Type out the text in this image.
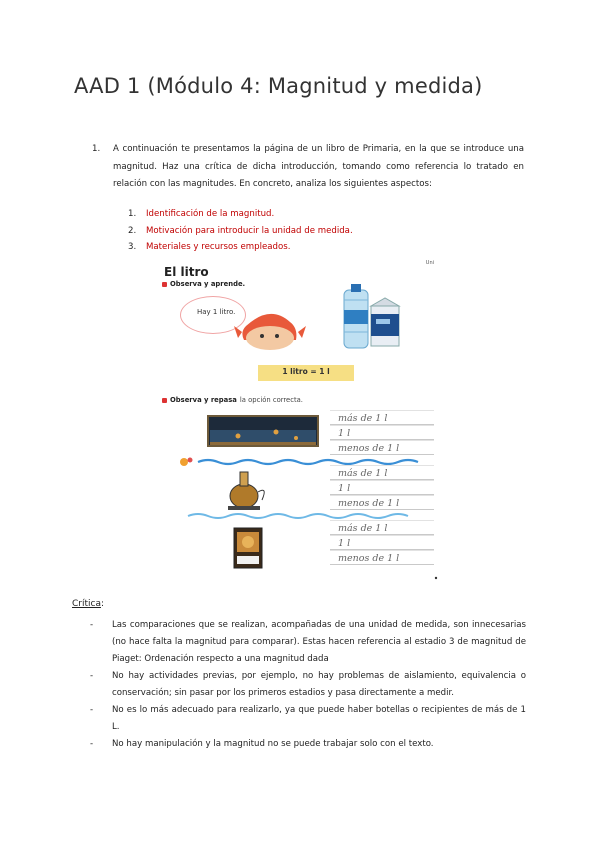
AAD 1 (Módulo 4: Magnitud y medida)
1. A continuación te presentamos la página de un libro de Primaria, en la que se introduce una magnitud. Haz una crítica de dicha introducción, tomando como referencia lo tratado en relación con las magnitudes. En concreto, analiza los siguientes aspectos:
1.	Identificación de la magnitud.
2.	Motivación para introducir la unidad de medida.
3.	Materiales y recursos empleados.
Uni
El litro
Observa y aprende.
Hay 1 litro.
1 litro = 1 l
Observa y repasa la opción correcta.
más de 1 l
1 l
menos de 1 l
más de 1 l
1 l
menos de 1 l
más de 1 l
1 l
menos de 1 l
Crítica:
-	Las comparaciones que se realizan, acompañadas de una unidad de medida, son innecesarias (no hace falta la magnitud para comparar). Estas hacen referencia al estadio 3 de magnitud de Piaget: Ordenación respecto a una magnitud dada
-	No hay actividades previas, por ejemplo, no hay problemas de aislamiento, equivalencia o conservación; sin pasar por los primeros estadios y pasa directamente a medir.
-	No es lo más adecuado para realizarlo, ya que puede haber botellas o recipientes de más de 1 L.
-	No hay manipulación y la magnitud no se puede trabajar solo con el texto.
